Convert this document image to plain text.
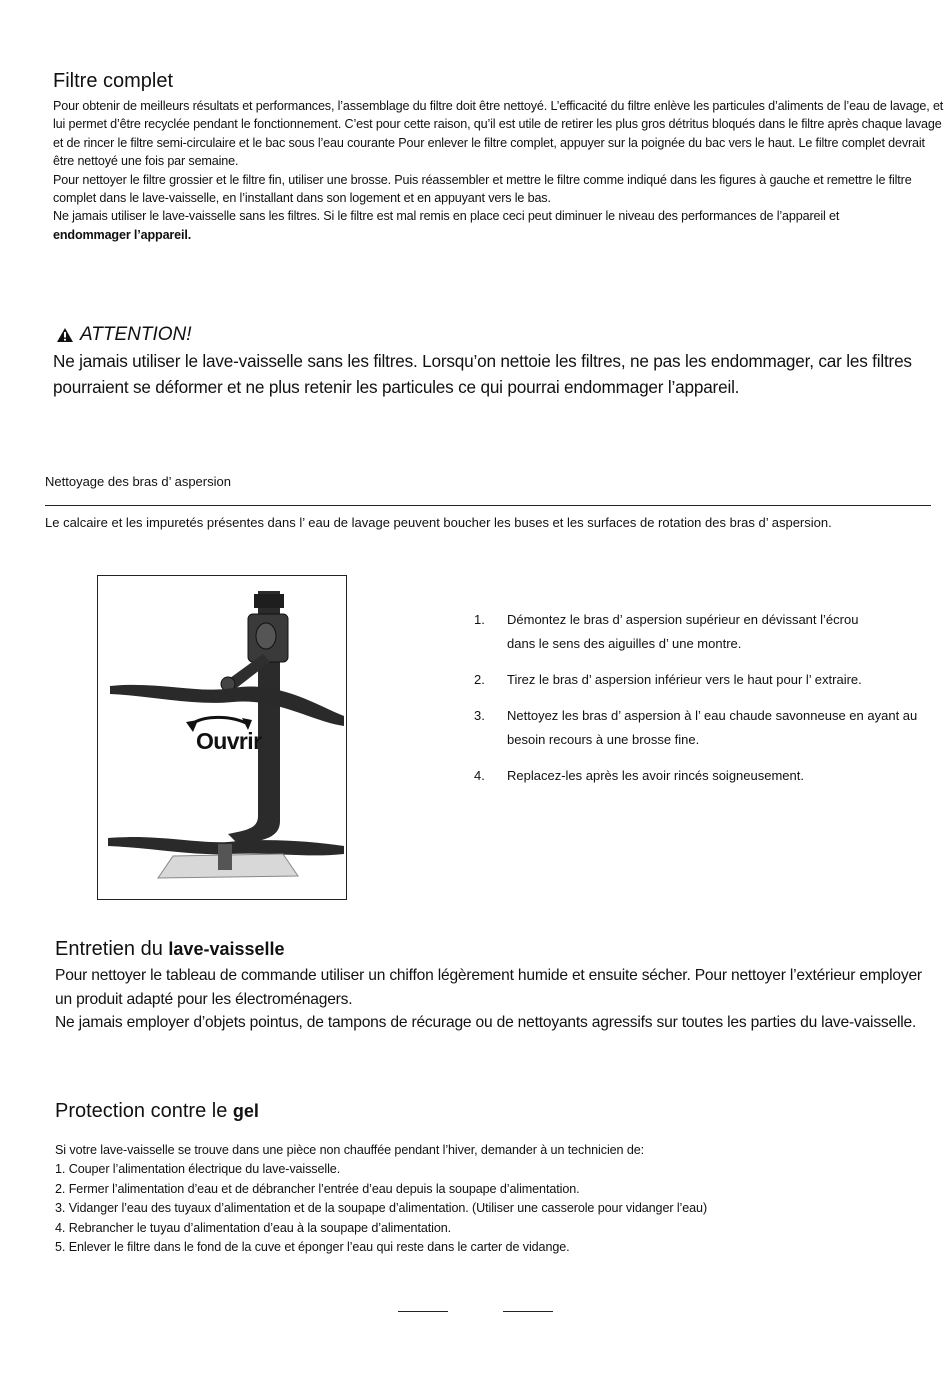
Filtre complet

Pour obtenir de meilleurs résultats et performances, l’assemblage du filtre doit être nettoyé. L’efficacité du filtre enlève les particules d’aliments de l’eau de lavage, et lui permet d’être recyclée pendant le fonctionnement. C’est pour cette raison, qu’il est utile de retirer les plus gros détritus bloqués dans le filtre après chaque lavage et de rincer le filtre semi-circulaire et le bac sous l’eau courante Pour enlever le filtre complet, appuyer sur la poignée du bac vers le haut. Le filtre complet devrait être nettoyé une fois par semaine.

Pour nettoyer le filtre grossier et le filtre fin, utiliser une brosse. Puis réassembler et mettre le filtre comme indiqué dans les figures à gauche et remettre le filtre complet dans le lave-vaisselle, en l’installant dans son logement et en appuyant vers le bas.

Ne jamais utiliser le lave-vaisselle sans les filtres. Si le filtre est mal remis en place ceci peut diminuer le niveau des performances de l’appareil et
endommager l’appareil.

ATTENTION!
Ne jamais utiliser le lave-vaisselle sans les filtres. Lorsqu’on nettoie les filtres, ne pas les endommager, car les filtres pourraient se déformer et ne plus retenir les particules ce qui pourrai endommager l’appareil.
Nettoyage des bras d’ aspersion
Le calcaire et les impuretés présentes dans l’ eau de lavage peuvent boucher les buses et les surfaces de rotation des bras d’ aspersion.
Ouvrir
1.	Démontez le bras d’ aspersion supérieur en dévissant l’écrou dans le sens des aiguilles d’ une montre.
2.	Tirez le bras d’ aspersion inférieur vers le haut pour l’ extraire.
3.	Nettoyez les bras d’ aspersion à l’ eau chaude savonneuse en ayant au besoin recours à une brosse fine.
4.	Replacez-les après les avoir rincés soigneusement.
Entretien du lave-vaisselle

Pour nettoyer le tableau de commande utiliser un chiffon légèrement humide et ensuite sécher. Pour nettoyer l’extérieur employer un produit adapté pour les électroménagers.

Ne jamais employer d’objets pointus, de tampons de récurage ou de nettoyants agressifs sur toutes les parties du lave-vaisselle.

Protection contre le gel
Si votre lave-vaisselle se trouve dans une pièce non chauffée pendant l’hiver, demander à un technicien de:
1. Couper l’alimentation électrique du lave-vaisselle.
2. Fermer l’alimentation d’eau et de débrancher l’entrée d’eau depuis la soupape d’alimentation.
3. Vidanger l’eau des tuyaux d’alimentation et de la soupape d’alimentation. (Utiliser une casserole pour vidanger l’eau)
4. Rebrancher le tuyau d’alimentation d’eau à la soupape d’alimentation.
5. Enlever le filtre dans le fond de la cuve et éponger l’eau qui reste dans le carter de vidange.
